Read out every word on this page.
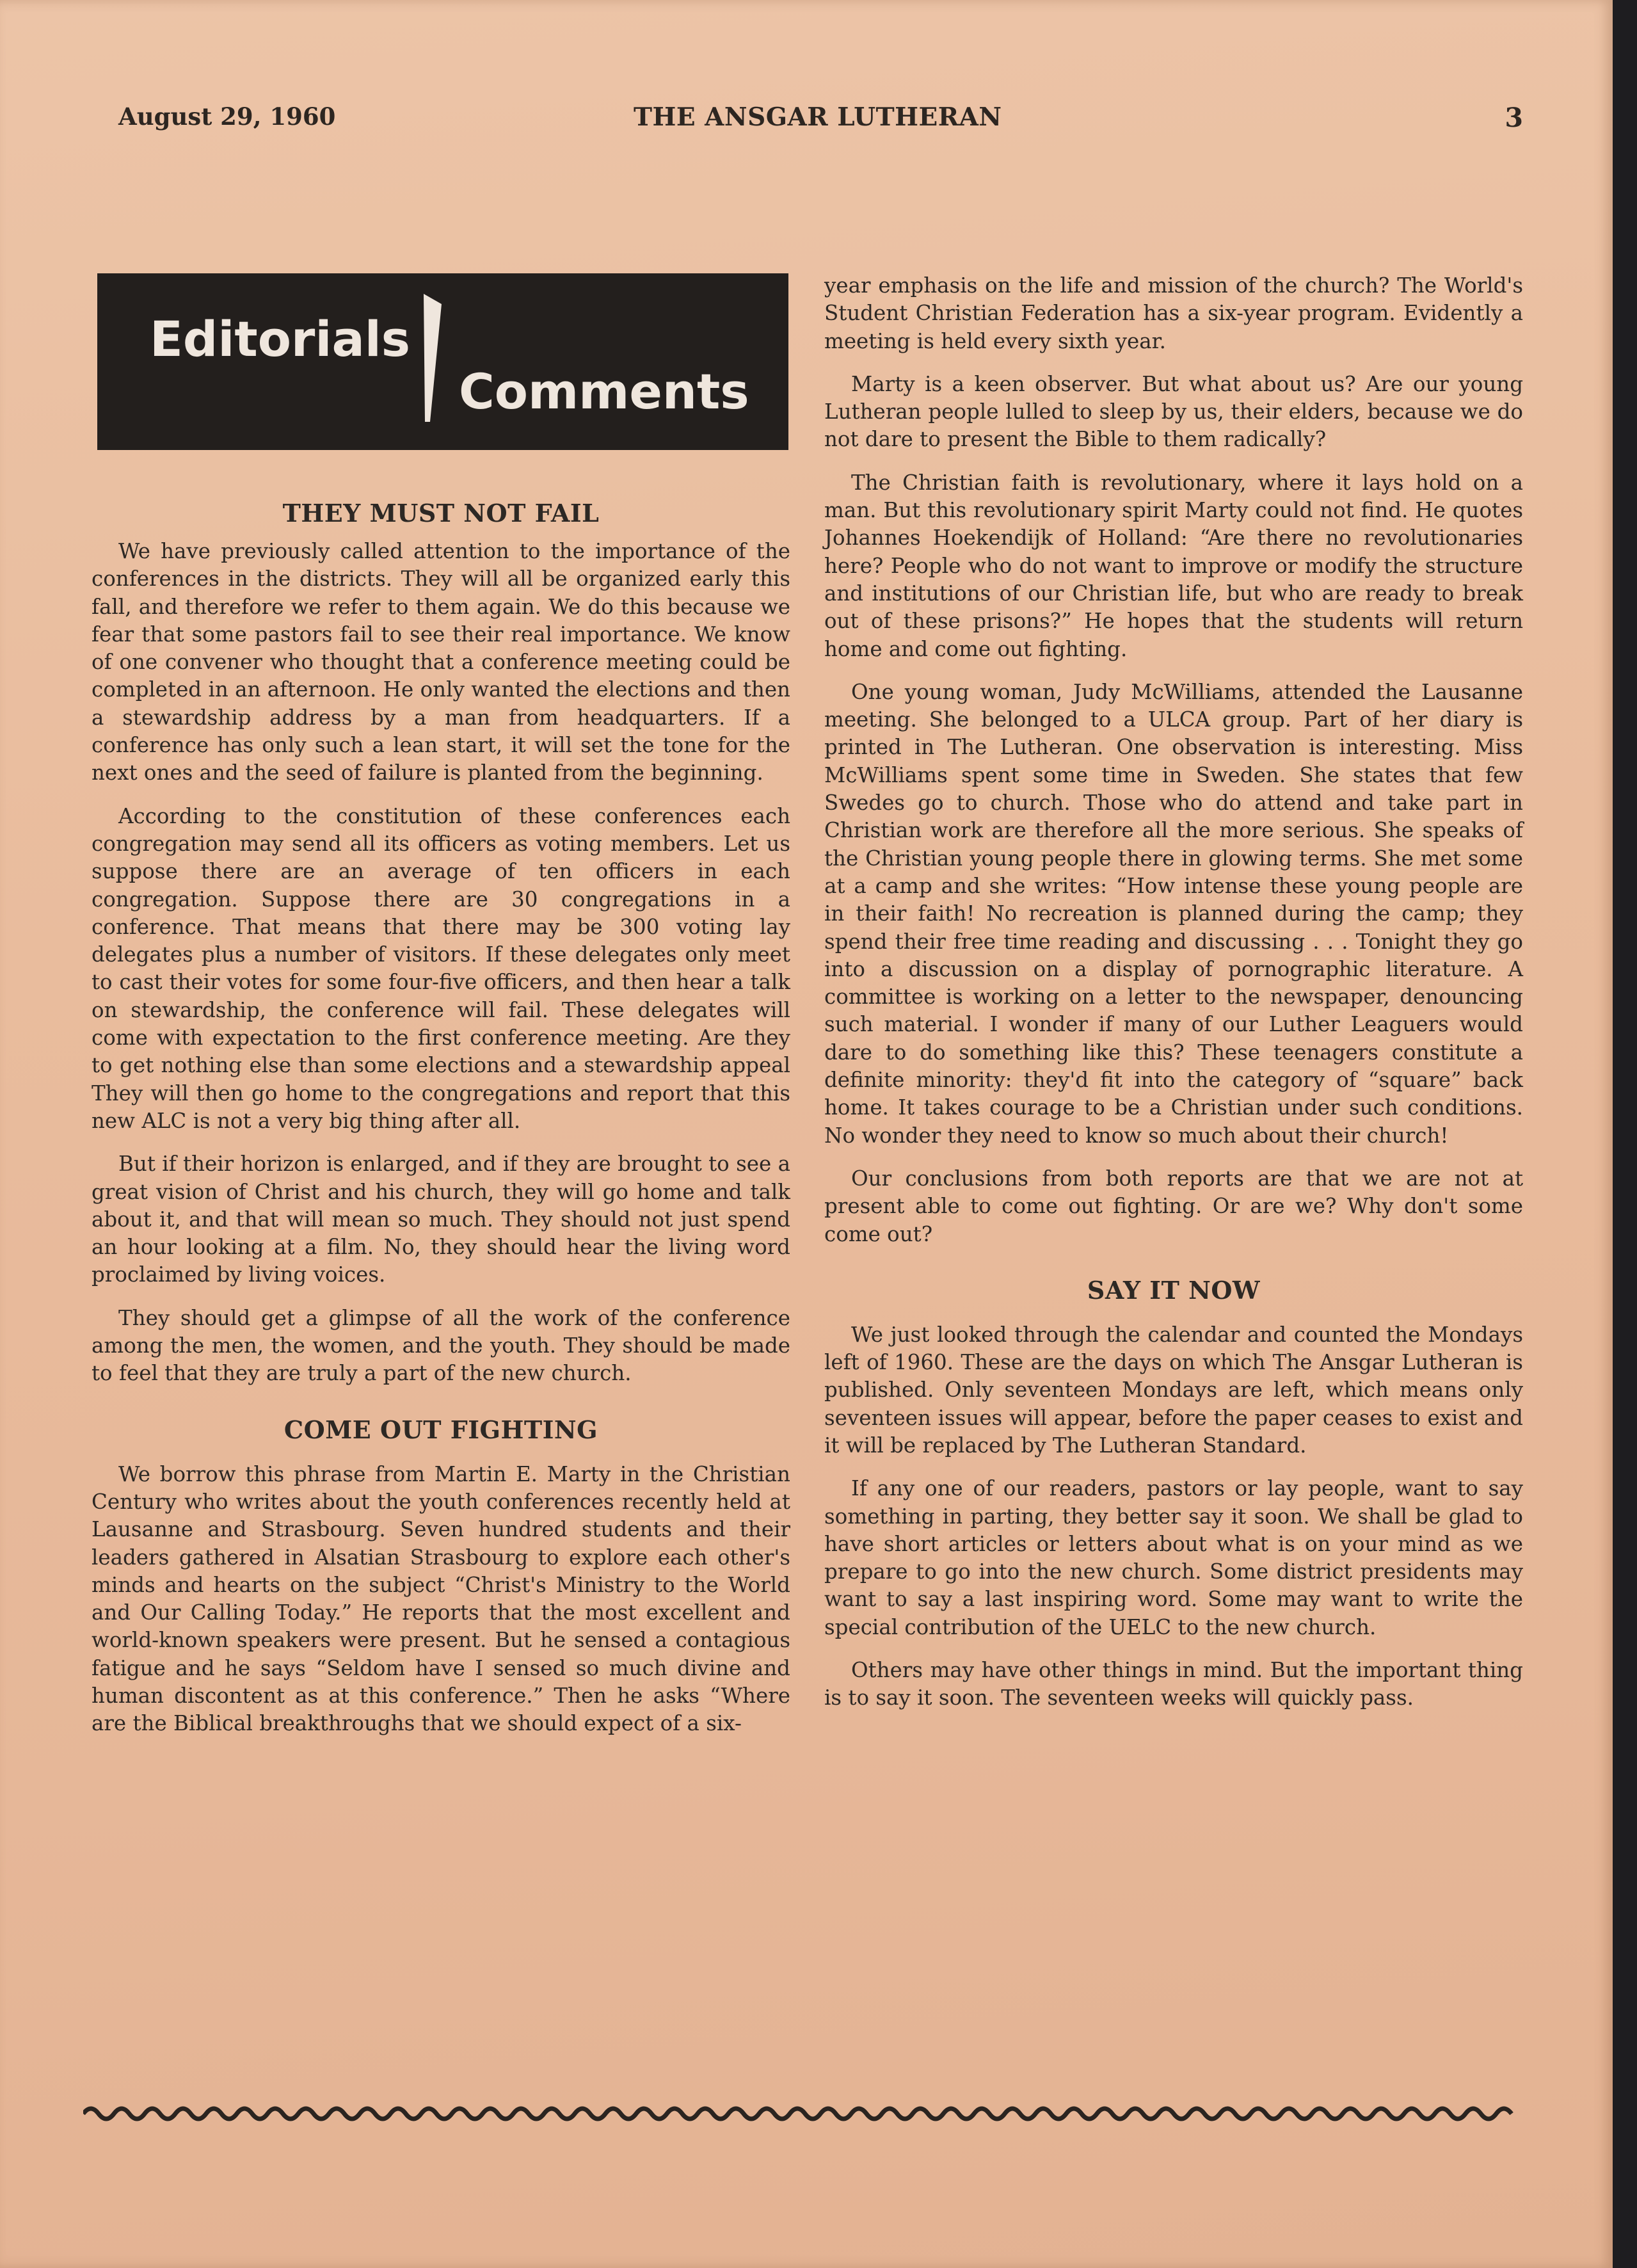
August 29, 1960	THE ANSGAR LUTHERAN	3
Editorials
Comments
THEY MUST NOT FAIL

We have previously called attention to the importance of the conferences in the districts. They will all be organized early this fall, and therefore we refer to them again. We do this because we fear that some pastors fail to see their real importance. We know of one convener who thought that a conference meeting could be completed in an afternoon. He only wanted the elections and then a stewardship address by a man from headquarters. If a conference has only such a lean start, it will set the tone for the next ones and the seed of failure is planted from the beginning.

According to the constitution of these conferences each congregation may send all its officers as voting members. Let us suppose there are an average of ten officers in each congregation. Suppose there are 30 congregations in a conference. That means that there may be 300 voting lay delegates plus a number of visitors. If these delegates only meet to cast their votes for some four-five officers, and then hear a talk on stewardship, the conference will fail. These delegates will come with expectation to the first conference meeting. Are they to get nothing else than some elections and a stewardship appeal They will then go home to the congregations and report that this new ALC is not a very big thing after all.

But if their horizon is enlarged, and if they are brought to see a great vision of Christ and his church, they will go home and talk about it, and that will mean so much. They should not just spend an hour looking at a film. No, they should hear the living word proclaimed by living voices.

They should get a glimpse of all the work of the conference among the men, the women, and the youth. They should be made to feel that they are truly a part of the new church.

COME OUT FIGHTING

We borrow this phrase from Martin E. Marty in the Christian Century who writes about the youth conferences recently held at Lausanne and Strasbourg. Seven hundred students and their leaders gathered in Alsatian Strasbourg to explore each other's minds and hearts on the subject “Christ's Ministry to the World and Our Calling Today.” He reports that the most excellent and world-known speakers were present. But he sensed a contagious fatigue and he says “Seldom have I sensed so much divine and human discontent as at this conference.” Then he asks “Where are the Biblical breakthroughs that we should expect of a six-

year emphasis on the life and mission of the church? The World's Student Christian Federation has a six-year program. Evidently a meeting is held every sixth year.

Marty is a keen observer. But what about us? Are our young Lutheran people lulled to sleep by us, their elders, because we do not dare to present the Bible to them radically?

The Christian faith is revolutionary, where it lays hold on a man. But this revolutionary spirit Marty could not find. He quotes Johannes Hoekendijk of Holland: “Are there no revolutionaries here? People who do not want to improve or modify the structure and institutions of our Christian life, but who are ready to break out of these prisons?” He hopes that the students will return home and come out fighting.

One young woman, Judy McWilliams, attended the Lausanne meeting. She belonged to a ULCA group. Part of her diary is printed in The Lutheran. One observation is interesting. Miss McWilliams spent some time in Sweden. She states that few Swedes go to church. Those who do attend and take part in Christian work are therefore all the more serious. She speaks of the Christian young people there in glowing terms. She met some at a camp and she writes: “How intense these young people are in their faith! No recreation is planned during the camp; they spend their free time reading and discussing . . . Tonight they go into a discussion on a display of pornographic literature. A committee is working on a letter to the newspaper, denouncing such material. I wonder if many of our Luther Leaguers would dare to do something like this? These teenagers constitute a definite minority: they'd fit into the category of “square” back home. It takes courage to be a Christian under such conditions. No wonder they need to know so much about their church!

Our conclusions from both reports are that we are not at present able to come out fighting. Or are we? Why don't some come out?

SAY IT NOW

We just looked through the calendar and counted the Mondays left of 1960. These are the days on which The Ansgar Lutheran is published. Only seventeen Mondays are left, which means only seventeen issues will appear, before the paper ceases to exist and it will be replaced by The Lutheran Standard.

If any one of our readers, pastors or lay people, want to say something in parting, they better say it soon. We shall be glad to have short articles or letters about what is on your mind as we prepare to go into the new church. Some district presidents may want to say a last inspiring word. Some may want to write the special contribution of the UELC to the new church.

Others may have other things in mind. But the important thing is to say it soon. The seventeen weeks will quickly pass.
